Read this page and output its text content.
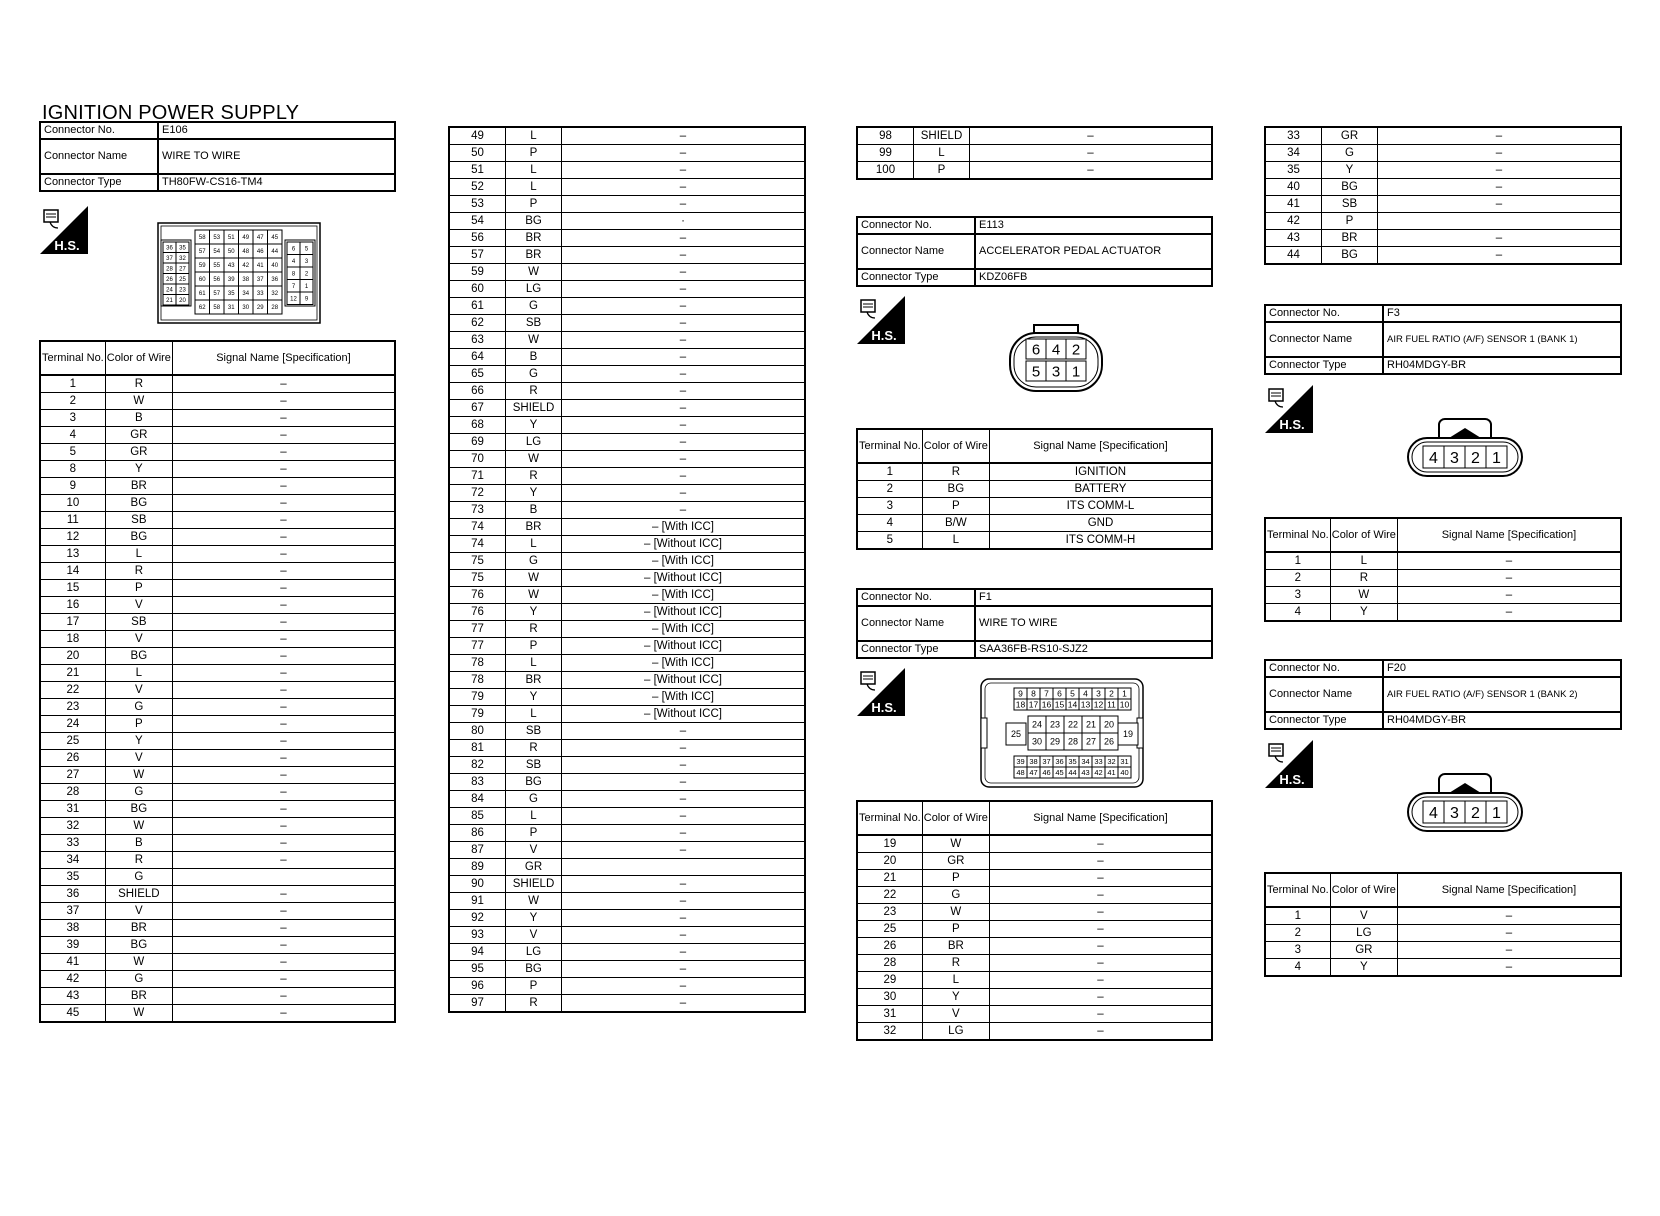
IGNITION POWER SUPPLY
Connector No.	E106
Connector Name	WIRE TO WIRE
Connector Type	TH80FW-CS16-TM4
H.S.	36 35
37 32
28 27
26 25
24 23
21 20
58 53 51 49 47 45
57 54 50 48 46 44
59 55 43 42 41 40
60 56 39 38 37 36
61 57 35 34 33 32
62 58 31 30 29 28
6 5
4 3
8 2
7 1
12 9
Terminal No.	Color of Wire	Signal Name [Specification]
1	R	–
2	W	–
3	B	–
4	GR	–
5	GR	–
8	Y	–
9	BR	–
10	BG	–
11	SB	–
12	BG	–
13	L	–
14	R	–
15	P	–
16	V	–
17	SB	–
18	V	–
20	BG	–
21	L	–
22	V	–
23	G	–
24	P	–
25	Y	–
26	V	–
27	W	–
28	G	–
31	BG	–
32	W	–
33	B	–
34	R	–
35	G	
36	SHIELD	–
37	V	–
38	BR	–
39	BG	–
41	W	–
42	G	–
43	BR	–
45	W	–
49	L	–
50	P	–
51	L	–
52	L	–
53	P	–
54	BG	·
56	BR	–
57	BR	–
59	W	–
60	LG	–
61	G	–
62	SB	–
63	W	–
64	B	–
65	G	–
66	R	–
67	SHIELD	–
68	Y	–
69	LG	–
70	W	–
71	R	–
72	Y	–
73	B	–
74	BR	– [With ICC]
74	L	– [Without ICC]
75	G	– [With ICC]
75	W	– [Without ICC]
76	W	– [With ICC]
76	Y	– [Without ICC]
77	R	– [With ICC]
77	P	– [Without ICC]
78	L	– [With ICC]
78	BR	– [Without ICC]
79	Y	– [With ICC]
79	L	– [Without ICC]
80	SB	–
81	R	–
82	SB	–
83	BG	–
84	G	–
85	L	–
86	P	–
87	V	–
89	GR	
90	SHIELD	–
91	W	–
92	Y	–
93	V	–
94	LG	–
95	BG	–
96	P	–
97	R	–
98	SHIELD	–
99	L	–
100	P	–
Connector No.	E113
Connector Name	ACCELERATOR PEDAL ACTUATOR
Connector Type	KDZ06FB
H.S.
6 4 2
5 3 1
Terminal No.	Color of Wire	Signal Name [Specification]
1	R	IGNITION
2	BG	BATTERY
3	P	ITS COMM-L
4	B/W	GND
5	L	ITS COMM-H
Connector No.	F1
Connector Name	WIRE TO WIRE
Connector Type	SAA36FB-RS10-SJZ2
H.S.
9 8 7 6 5 4 3 2 1
18 17 16 15 14 13 12 11 10
25
24 23 22 21 20
30 29 28 27 26
19
39 38 37 36 35 34 33 32 31
48 47 46 45 44 43 42 41 40
Terminal No.	Color of Wire	Signal Name [Specification]
19	W	–
20	GR	–
21	P	–
22	G	–
23	W	–
25	P	–
26	BR	–
28	R	–
29	L	–
30	Y	–
31	V	–
32	LG	–
33	GR	–
34	G	–
35	Y	–
40	BG	–
41	SB	–
42	P	
43	BR	–
44	BG	–
Connector No.	F3
Connector Name	AIR FUEL RATIO (A/F) SENSOR 1 (BANK 1)
Connector Type	RH04MDGY-BR
H.S.
4 3 2 1
Terminal No.	Color of Wire	Signal Name [Specification]
1	L	–
2	R	–
3	W	–
4	Y	–
Connector No.	F20
Connector Name	AIR FUEL RATIO (A/F) SENSOR 1 (BANK 2)
Connector Type	RH04MDGY-BR
H.S.
4 3 2 1
Terminal No.	Color of Wire	Signal Name [Specification]
1	V	–
2	LG	–
3	GR	–
4	Y	–
